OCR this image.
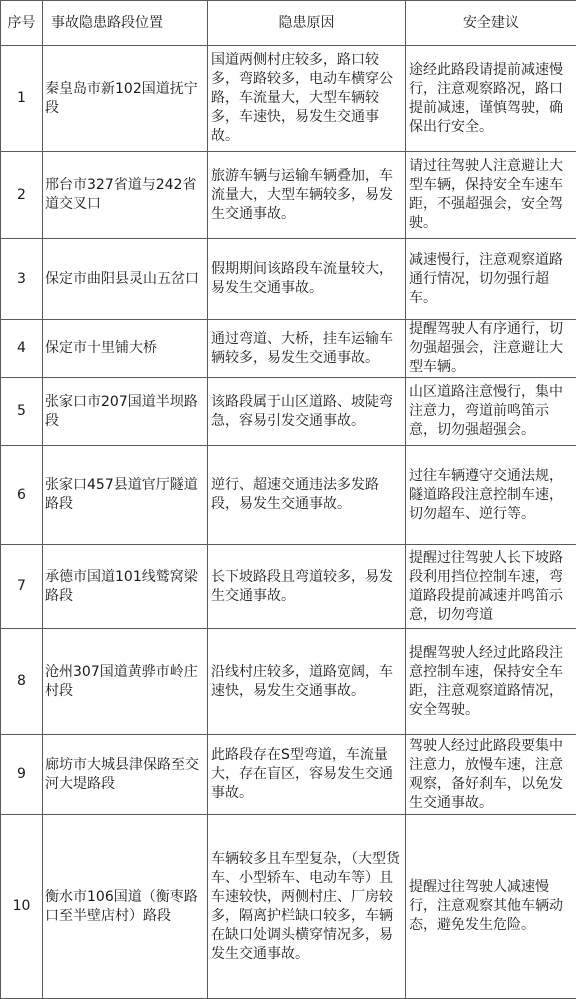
序号	事故隐患路段位置	隐患原因	安全建议
1	秦皇岛市新102国道抚宁段	国道两侧村庄较多，路口较多，弯路较多，电动车横穿公路，车流量大，大型车辆较多，车速快，易发生交通事故。	途经此路段请提前减速慢行，注意观察路况，路口提前减速，谨慎驾驶，确保出行安全。
2	邢台市327省道与242省道交叉口	旅游车辆与运输车辆叠加，车流量大，大型车辆较多，易发生交通事故。	请过往驾驶人注意避让大型车辆，保持安全车速车距，不强超强会，安全驾驶。
3	保定市曲阳县灵山五岔口	假期期间该路段车流量较大，易发生交通事故。	减速慢行，注意观察道路通行情况，切勿强行超车。
4	保定市十里铺大桥	通过弯道、大桥，挂车运输车辆较多，易发生交通事故。	提醒驾驶人有序通行，切勿强超强会，注意避让大型车辆。
5	张家口市207国道半坝路段	该路段属于山区道路、坡陡弯急，容易引发交通事故。	山区道路注意慢行，集中注意力，弯道前鸣笛示意，切勿强超强会。
6	张家口457县道官厅隧道路段	逆行、超速交通违法多发路段，易发生交通事故。	过往车辆遵守交通法规，隧道路段注意控制车速，切勿超车、逆行等。
7	承德市国道101线鹫窝梁路段	长下坡路段且弯道较多，易发生交通事故。	提醒过往驾驶人长下坡路段利用挡位控制车速，弯道路段提前减速并鸣笛示意，切勿弯道
8	沧州307国道黄骅市岭庄村段	沿线村庄较多，道路宽阔，车速快，易发生交通事故。	提醒驾驶人经过此路段注意控制车速，保持安全车距，注意观察道路情况，安全驾驶。
9	廊坊市大城县津保路至交河大堤路段	此路段存在S型弯道，车流量大，存在盲区，容易发生交通事故。	驾驶人经过此路段要集中注意力，放慢车速，注意观察，备好刹车，以免发生交通事故。
10	衡水市106国道（衡枣路口至半壁店村）路段	车辆较多且车型复杂，（大型货车、小型轿车、电动车等）且车速较快，两侧村庄、厂房较多，隔离护栏缺口较多，车辆在缺口处调头横穿情况多，易发生交通事故。	提醒过往驾驶人减速慢行，注意观察其他车辆动态，避免发生危险。
